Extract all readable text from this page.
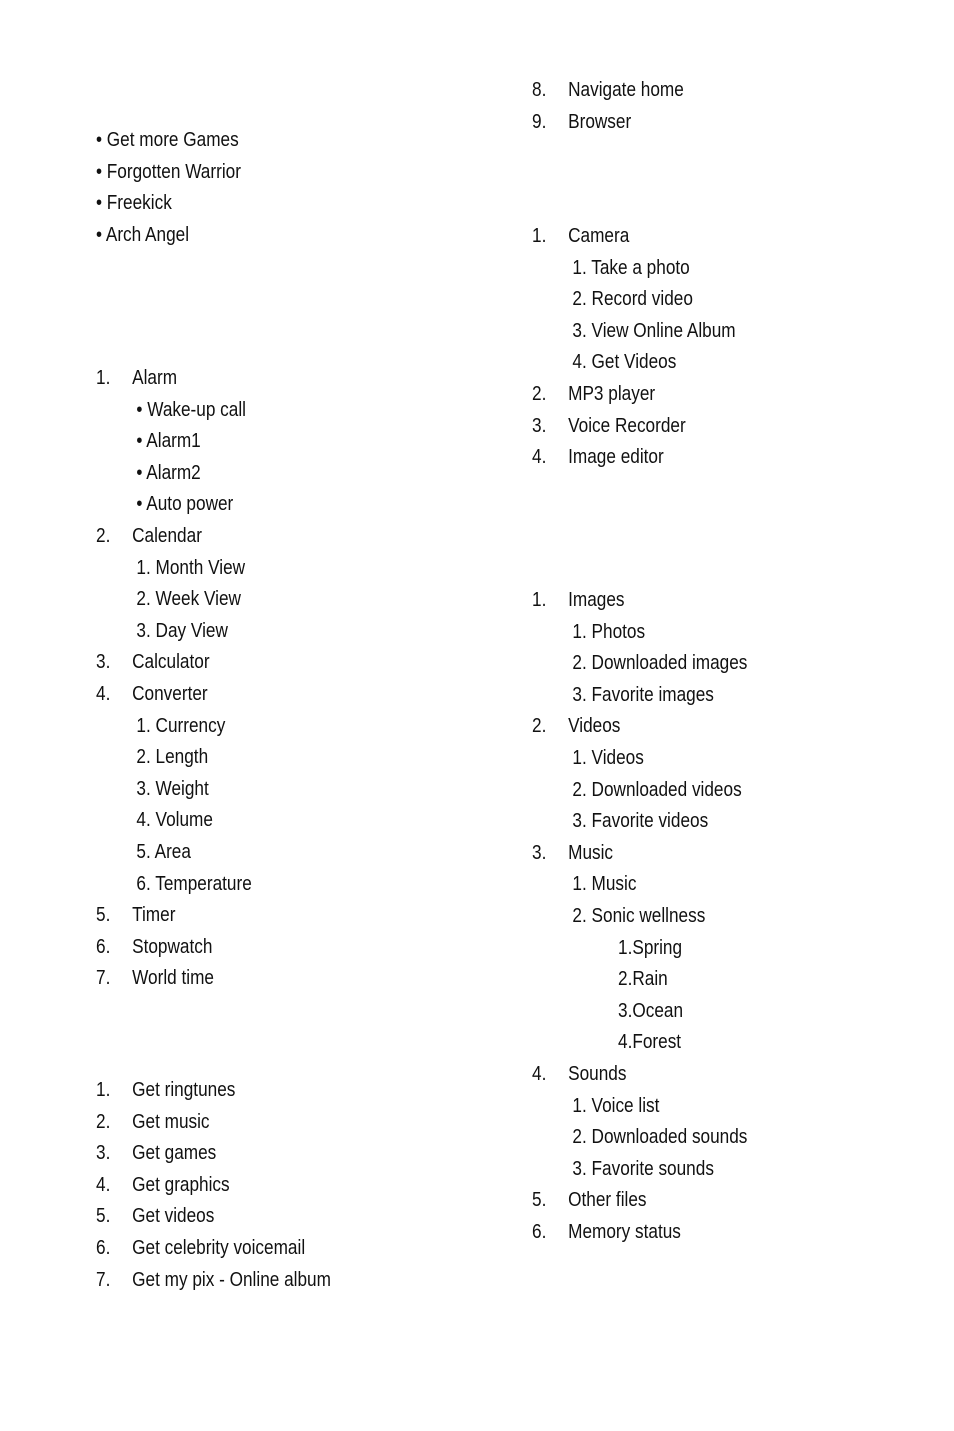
• Get more Games
• Forgotten Warrior
• Freekick
• Arch Angel
1. Alarm
• Wake-up call
• Alarm1
• Alarm2
• Auto power
2. Calendar
1. Month View
2. Week View
3. Day View
3. Calculator
4. Converter
1. Currency
2. Length
3. Weight
4. Volume
5. Area
6. Temperature
5. Timer
6. Stopwatch
7. World time
1. Get ringtunes
2. Get music
3. Get games
4. Get graphics
5. Get videos
6. Get celebrity voicemail
7. Get my pix - Online album
8. Navigate home
9. Browser
1. Camera
1. Take a photo
2. Record video
3. View Online Album
4. Get Videos
2. MP3 player
3. Voice Recorder
4. Image editor
1. Images
1. Photos
2. Downloaded images
3. Favorite images
2. Videos
1. Videos
2. Downloaded videos
3. Favorite videos
3. Music
1. Music
2. Sonic wellness
1.Spring
2.Rain
3.Ocean
4.Forest
4. Sounds
1. Voice list
2. Downloaded sounds
3. Favorite sounds
5. Other files
6. Memory status
